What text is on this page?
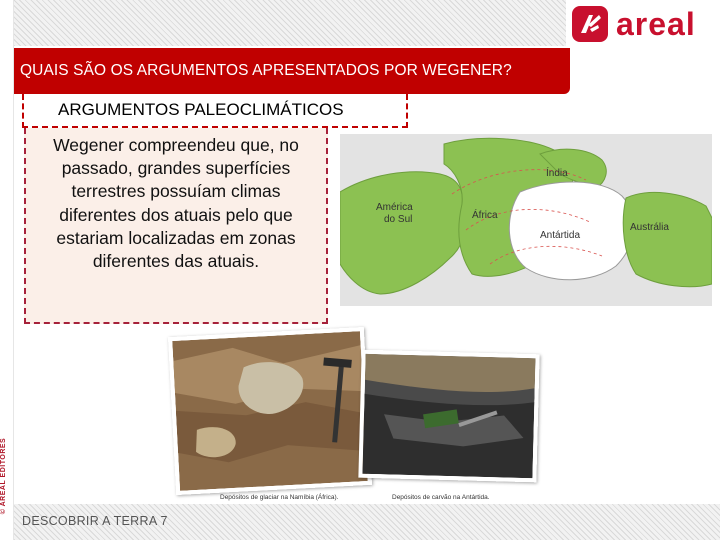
© AREAL EDITORES
areal
QUAIS SÃO OS ARGUMENTOS APRESENTADOS POR WEGENER?
ARGUMENTOS PALEOCLIMÁTICOS

Wegener compreendeu que, no passado, grandes superfícies terrestres possuíam climas diferentes dos atuais pelo que estariam localizadas em zonas diferentes das atuais.

América
do Sul	África
Índia
Antártida
Austrália
Depósitos de glaciar na Namíbia (África).	Depósitos de carvão na Antártida.
DESCOBRIR A TERRA 7
